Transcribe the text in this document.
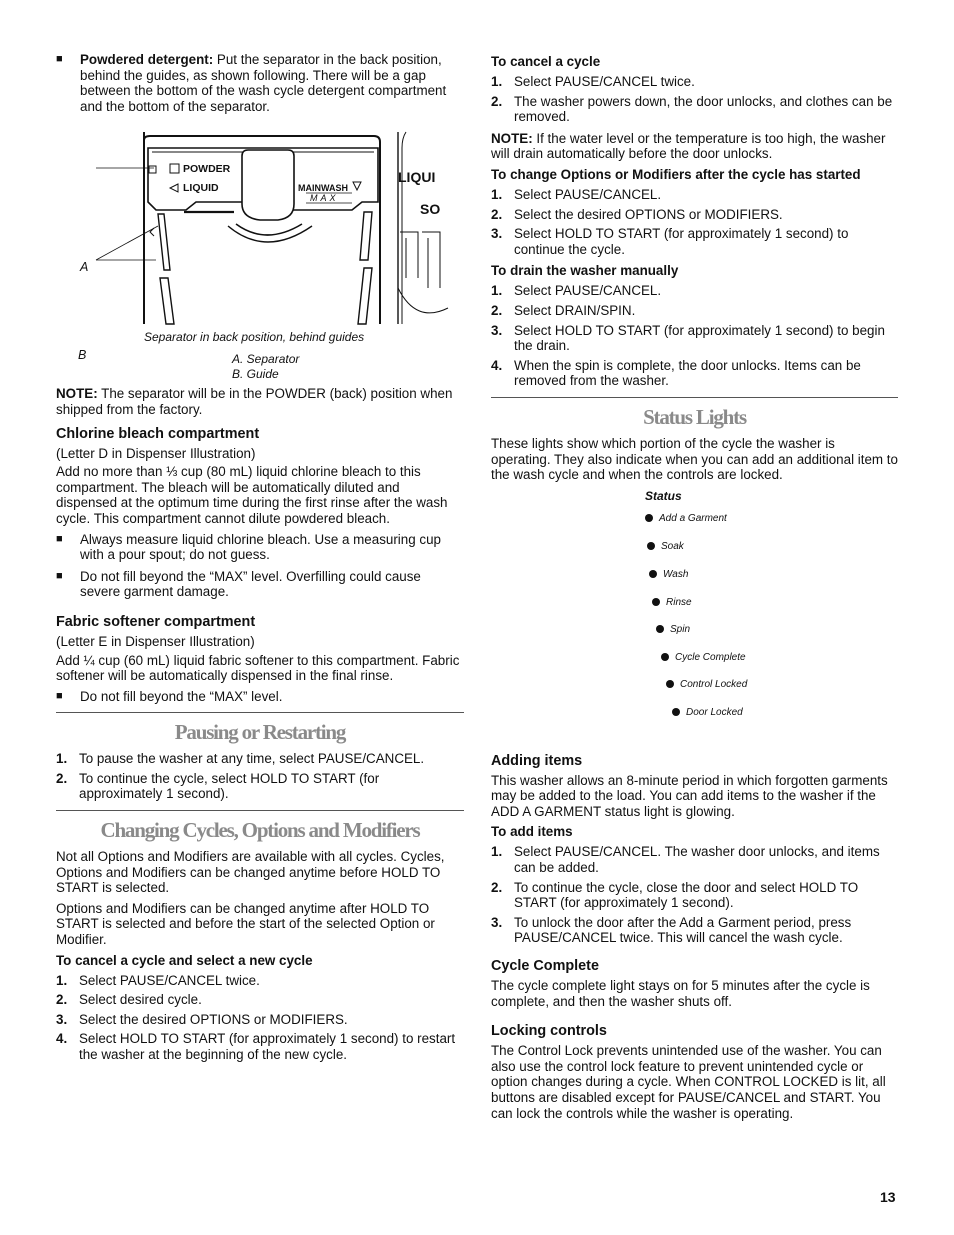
■	Powdered detergent: Put the separator in the back position, behind the guides, as shown following. There will be a gap between the bottom of the wash cycle detergent compartment and the bottom of the separator.
POWDER
LIQUID	MAINWASH
MAX
LIQUI
SO
A
B
Separator in back position, behind guides
A. Separator
B. Guide

NOTE: The separator will be in the POWDER (back) position when shipped from the factory.

Chlorine bleach compartment

(Letter D in Dispenser Illustration)

Add no more than ⅓ cup (80 mL) liquid chlorine bleach to this compartment. The bleach will be automatically diluted and dispensed at the optimum time during the first rinse after the wash cycle. This compartment cannot dilute powdered bleach.

■	Always measure liquid chlorine bleach. Use a measuring cup with a pour spout; do not guess.
■	Do not fill beyond the “MAX” level. Overfilling could cause severe garment damage.
Fabric softener compartment

(Letter E in Dispenser Illustration)

Add ¼ cup (60 mL) liquid fabric softener to this compartment. Fabric softener will be automatically dispensed in the final rinse.

■	Do not fill beyond the “MAX” level.
Pausing or Restarting
1. To pause the washer at any time, select PAUSE/CANCEL.
2. To continue the cycle, select HOLD TO START (for approximately 1 second).
Changing Cycles, Options and Modifiers

Not all Options and Modifiers are available with all cycles. Cycles, Options and Modifiers can be changed anytime before HOLD TO START is selected.

Options and Modifiers can be changed anytime after HOLD TO START is selected and before the start of the selected Option or Modifier.

To cancel a cycle and select a new cycle
1. Select PAUSE/CANCEL twice.
2. Select desired cycle.
3. Select the desired OPTIONS or MODIFIERS.
4. Select HOLD TO START (for approximately 1 second) to restart the washer at the beginning of the new cycle.
To cancel a cycle
1. Select PAUSE/CANCEL twice.
2. The washer powers down, the door unlocks, and clothes can be removed.

NOTE: If the water level or the temperature is too high, the washer will drain automatically before the door unlocks.

To change Options or Modifiers after the cycle has started
1. Select PAUSE/CANCEL.
2. Select the desired OPTIONS or MODIFIERS.
3. Select HOLD TO START (for approximately 1 second) to continue the cycle.
To drain the washer manually
1. Select PAUSE/CANCEL.
2. Select DRAIN/SPIN.
3. Select HOLD TO START (for approximately 1 second) to begin the drain.
4. When the spin is complete, the door unlocks. Items can be removed from the washer.
Status Lights

These lights show which portion of the cycle the washer is operating. They also indicate when you can add an additional item to the wash cycle and when the controls are locked.

Status
Add a Garment
Soak
Wash
Rinse
Spin
Cycle Complete
Control Locked
Door Locked
Adding items

This washer allows an 8-minute period in which forgotten garments may be added to the load. You can add items to the washer if the ADD A GARMENT status light is glowing.

To add items
1. Select PAUSE/CANCEL. The washer door unlocks, and items can be added.
2. To continue the cycle, close the door and select HOLD TO START (for approximately 1 second).
3. To unlock the door after the Add a Garment period, press PAUSE/CANCEL twice. This will cancel the wash cycle.
Cycle Complete

The cycle complete light stays on for 5 minutes after the cycle is complete, and then the washer shuts off.

Locking controls

The Control Lock prevents unintended use of the washer. You can also use the control lock feature to prevent unintended cycle or option changes during a cycle. When CONTROL LOCKED is lit, all buttons are disabled except for PAUSE/CANCEL and START. You can lock the controls while the washer is operating.

13
